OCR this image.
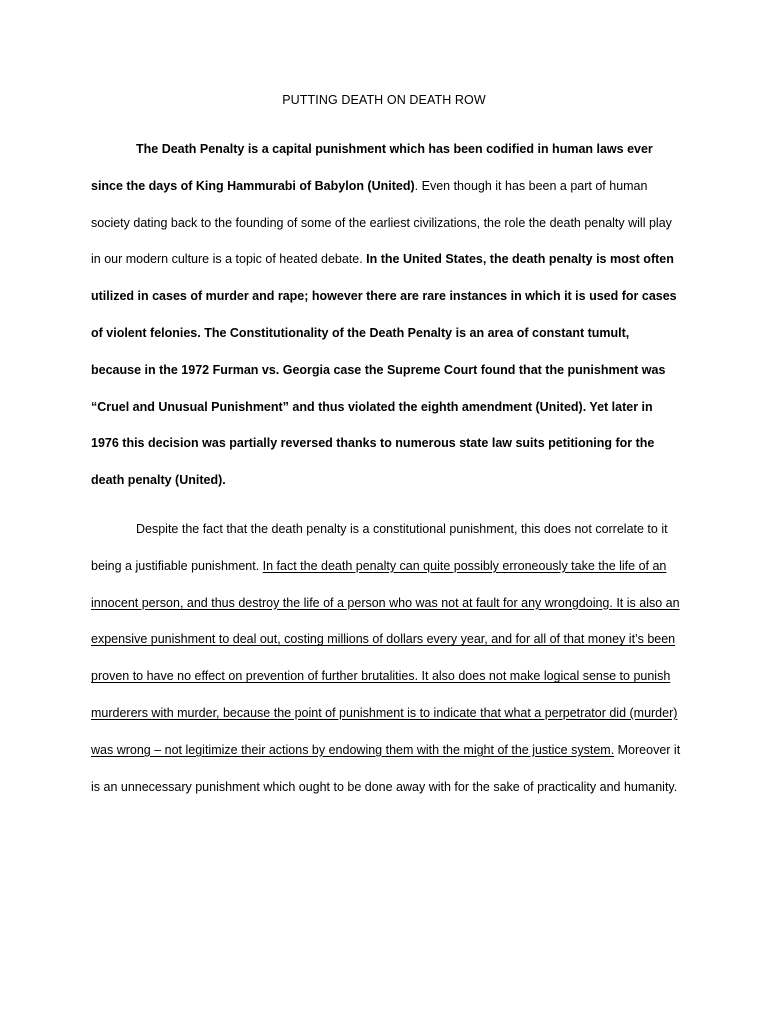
PUTTING DEATH ON DEATH ROW
The Death Penalty is a capital punishment which has been codified in human laws ever since the days of King Hammurabi of Babylon (United). Even though it has been a part of human society dating back to the founding of some of the earliest civilizations, the role the death penalty will play in our modern culture is a topic of heated debate. In the United States, the death penalty is most often utilized in cases of murder and rape; however there are rare instances in which it is used for cases of violent felonies. The Constitutionality of the Death Penalty is an area of constant tumult, because in the 1972 Furman vs. Georgia case the Supreme Court found that the punishment was “Cruel and Unusual Punishment” and thus violated the eighth amendment (United). Yet later in 1976 this decision was partially reversed thanks to numerous state law suits petitioning for the death penalty (United).
Despite the fact that the death penalty is a constitutional punishment, this does not correlate to it being a justifiable punishment. In fact the death penalty can quite possibly erroneously take the life of an innocent person, and thus destroy the life of a person who was not at fault for any wrongdoing. It is also an expensive punishment to deal out, costing millions of dollars every year, and for all of that money it’s been proven to have no effect on prevention of further brutalities. It also does not make logical sense to punish murderers with murder, because the point of punishment is to indicate that what a perpetrator did (murder) was wrong – not legitimize their actions by endowing them with the might of the justice system. Moreover it is an unnecessary punishment which ought to be done away with for the sake of practicality and humanity.
